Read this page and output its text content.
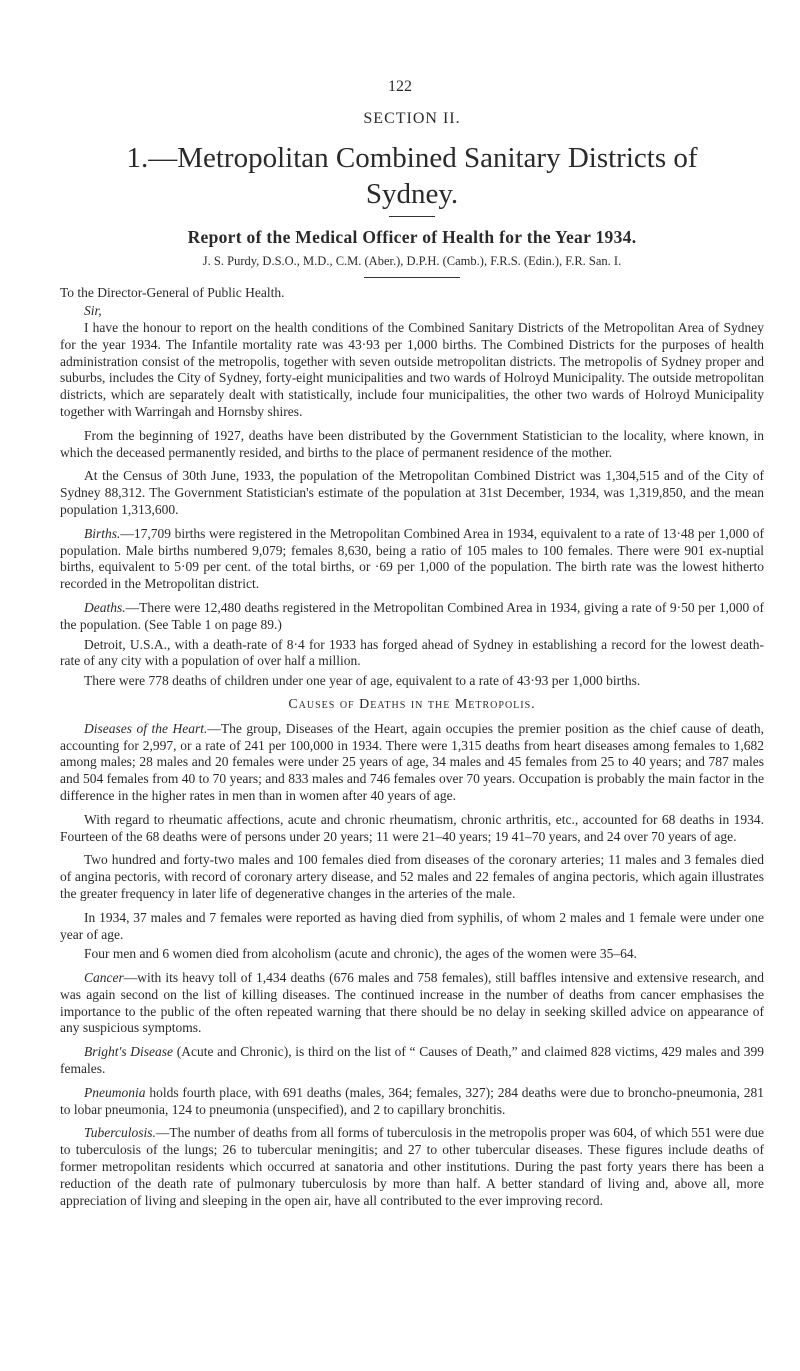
122
SECTION II.
1.—Metropolitan Combined Sanitary Districts of
Sydney.
Report of the Medical Officer of Health for the Year 1934.
J. S. Purdy, D.S.O., M.D., C.M. (Aber.), D.P.H. (Camb.), F.R.S. (Edin.), F.R. San. I.
To the Director-General of Public Health.
Sir,

I have the honour to report on the health conditions of the Combined Sanitary Districts of the Metropolitan Area of Sydney for the year 1934. The Infantile mortality rate was 43·93 per 1,000 births. The Combined Districts for the purposes of health administration consist of the metropolis, together with seven outside metropolitan districts. The metropolis of Sydney proper and suburbs, includes the City of Sydney, forty-eight municipalities and two wards of Holroyd Municipality. The outside metropolitan districts, which are separately dealt with statistically, include four municipalities, the other two wards of Holroyd Municipality together with Warringah and Hornsby shires.

From the beginning of 1927, deaths have been distributed by the Government Statistician to the locality, where known, in which the deceased permanently resided, and births to the place of permanent residence of the mother.

At the Census of 30th June, 1933, the population of the Metropolitan Combined District was 1,304,515 and of the City of Sydney 88,312. The Government Statistician's estimate of the population at 31st December, 1934, was 1,319,850, and the mean population 1,313,600.

Births.—17,709 births were registered in the Metropolitan Combined Area in 1934, equivalent to a rate of 13·48 per 1,000 of population. Male births numbered 9,079; females 8,630, being a ratio of 105 males to 100 females. There were 901 ex-nuptial births, equivalent to 5·09 per cent. of the total births, or ·69 per 1,000 of the population. The birth rate was the lowest hitherto recorded in the Metropolitan district.

Deaths.—There were 12,480 deaths registered in the Metropolitan Combined Area in 1934, giving a rate of 9·50 per 1,000 of the population. (See Table 1 on page 89.)

Detroit, U.S.A., with a death-rate of 8·4 for 1933 has forged ahead of Sydney in establishing a record for the lowest death-rate of any city with a population of over half a million.

There were 778 deaths of children under one year of age, equivalent to a rate of 43·93 per 1,000 births.

Causes of Deaths in the Metropolis.

Diseases of the Heart.—The group, Diseases of the Heart, again occupies the premier position as the chief cause of death, accounting for 2,997, or a rate of 241 per 100,000 in 1934. There were 1,315 deaths from heart diseases among females to 1,682 among males; 28 males and 20 females were under 25 years of age, 34 males and 45 females from 25 to 40 years; and 787 males and 504 females from 40 to 70 years; and 833 males and 746 females over 70 years. Occupation is probably the main factor in the difference in the higher rates in men than in women after 40 years of age.

With regard to rheumatic affections, acute and chronic rheumatism, chronic arthritis, etc., accounted for 68 deaths in 1934. Fourteen of the 68 deaths were of persons under 20 years; 11 were 21–40 years; 19 41–70 years, and 24 over 70 years of age.

Two hundred and forty-two males and 100 females died from diseases of the coronary arteries; 11 males and 3 females died of angina pectoris, with record of coronary artery disease, and 52 males and 22 females of angina pectoris, which again illustrates the greater frequency in later life of degenerative changes in the arteries of the male.

In 1934, 37 males and 7 females were reported as having died from syphilis, of whom 2 males and 1 female were under one year of age.

Four men and 6 women died from alcoholism (acute and chronic), the ages of the women were 35–64.

Cancer—with its heavy toll of 1,434 deaths (676 males and 758 females), still baffles intensive and extensive research, and was again second on the list of killing diseases. The continued increase in the number of deaths from cancer emphasises the importance to the public of the often repeated warning that there should be no delay in seeking skilled advice on appearance of any suspicious symptoms.

Bright's Disease (Acute and Chronic), is third on the list of “ Causes of Death,” and claimed 828 victims, 429 males and 399 females.

Pneumonia holds fourth place, with 691 deaths (males, 364; females, 327); 284 deaths were due to broncho-pneumonia, 281 to lobar pneumonia, 124 to pneumonia (unspecified), and 2 to capillary bronchitis.

Tuberculosis.—The number of deaths from all forms of tuberculosis in the metropolis proper was 604, of which 551 were due to tuberculosis of the lungs; 26 to tubercular meningitis; and 27 to other tubercular diseases. These figures include deaths of former metropolitan residents which occurred at sanatoria and other institutions. During the past forty years there has been a reduction of the death rate of pulmonary tuberculosis by more than half. A better standard of living and, above all, more appreciation of living and sleeping in the open air, have all contributed to the ever improving record.
